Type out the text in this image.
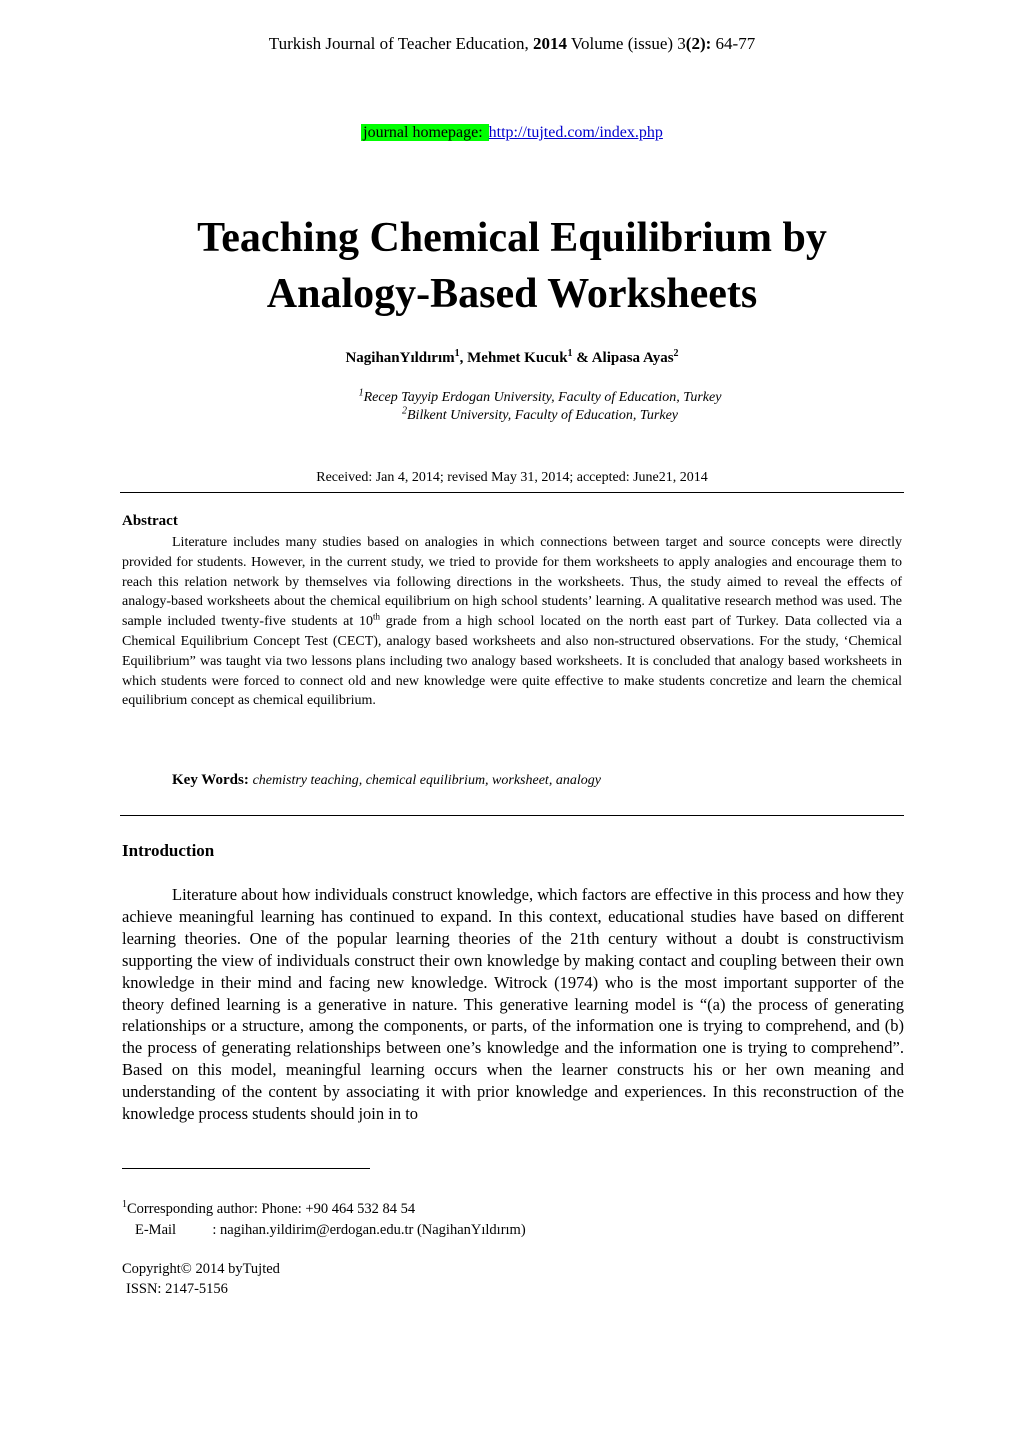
Turkish Journal of Teacher Education, 2014 Volume (issue) 3(2): 64-77
journal homepage: http://tujted.com/index.php
Teaching Chemical Equilibrium by
Analogy-Based Worksheets
NagihanYıldırım$^1$, Mehmet Kucuk$^1$ & Alipasa Ayas$^2$
$^1$Recep Tayyip Erdogan University, Faculty of Education, Turkey
$^2$Bilkent University, Faculty of Education, Turkey
Received: Jan 4, 2014; revised May 31, 2014; accepted: June21, 2014
Abstract
Literature includes many studies based on analogies in which connections between target and source concepts were directly provided for students. However, in the current study, we tried to provide for them worksheets to apply analogies and encourage them to reach this relation network by themselves via following directions in the worksheets. Thus, the study aimed to reveal the effects of analogy-based worksheets about the chemical equilibrium on high school students’ learning. A qualitative research method was used. The sample included twenty-five students at 10th grade from a high school located on the north east part of Turkey. Data collected via a Chemical Equilibrium Concept Test (CECT), analogy based worksheets and also non-structured observations. For the study, ‘Chemical Equilibrium” was taught via two lessons plans including two analogy based worksheets. It is concluded that analogy based worksheets in which students were forced to connect old and new knowledge were quite effective to make students concretize and learn the chemical equilibrium concept as chemical equilibrium.
Key Words: chemistry teaching, chemical equilibrium, worksheet, analogy
Introduction
Literature about how individuals construct knowledge, which factors are effective in this process and how they achieve meaningful learning has continued to expand. In this context, educational studies have based on different learning theories. One of the popular learning theories of the 21th century without a doubt is constructivism supporting the view of individuals construct their own knowledge by making contact and coupling between their own knowledge in their mind and facing new knowledge. Witrock (1974) who is the most important supporter of the theory defined learning is a generative in nature. This generative learning model is “(a) the process of generating relationships or a structure, among the components, or parts, of the information one is trying to comprehend, and (b) the process of generating relationships between one’s knowledge and the information one is trying to comprehend”. Based on this model, meaningful learning occurs when the learner constructs his or her own meaning and understanding of the content by associating it with prior knowledge and experiences. In this reconstruction of the knowledge process students should join in to
$^1$Corresponding author: Phone: +90 464 532 84 54
E-Mail          : nagihan.yildirim@erdogan.edu.tr (NagihanYıldırım)
Copyright© 2014 byTujted
ISSN: 2147-5156
